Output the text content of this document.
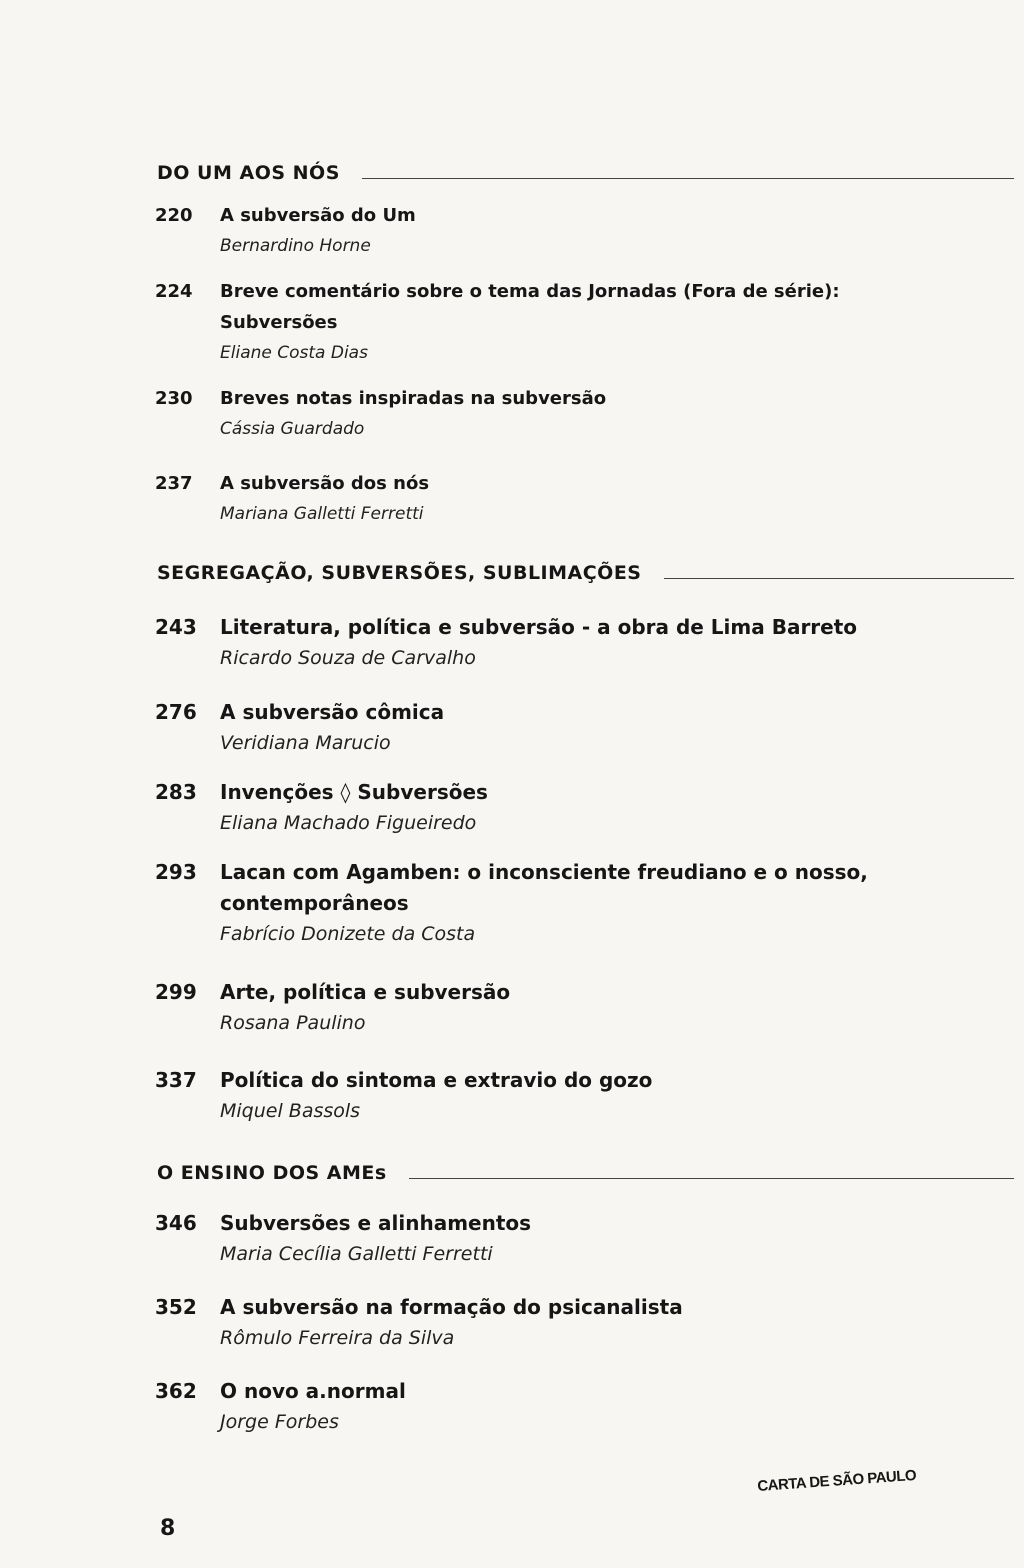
DO UM AOS NÓS
220	A subversão do Um
Bernardino Horne
224	Breve comentário sobre o tema das Jornadas (Fora de série):
Subversões
Eliane Costa Dias
230	Breves notas inspiradas na subversão
Cássia Guardado
237	A subversão dos nós
Mariana Galletti Ferretti
SEGREGAÇÃO, SUBVERSÕES, SUBLIMAÇÕES
243	Literatura, política e subversão - a obra de Lima Barreto
Ricardo Souza de Carvalho
276	A subversão cômica
Veridiana Marucio
283	Invenções ◊ Subversões
Eliana Machado Figueiredo
293	Lacan com Agamben: o inconsciente freudiano e o nosso,
contemporâneos
Fabrício Donizete da Costa
299	Arte, política e subversão
Rosana Paulino
337	Política do sintoma e extravio do gozo
Miquel Bassols
O ENSINO DOS AMEs
346	Subversões e alinhamentos
Maria Cecília Galletti Ferretti
352	A subversão na formação do psicanalista
Rômulo Ferreira da Silva
362	O novo a.normal
Jorge Forbes
CARTA DE SÃO PAULO
8
